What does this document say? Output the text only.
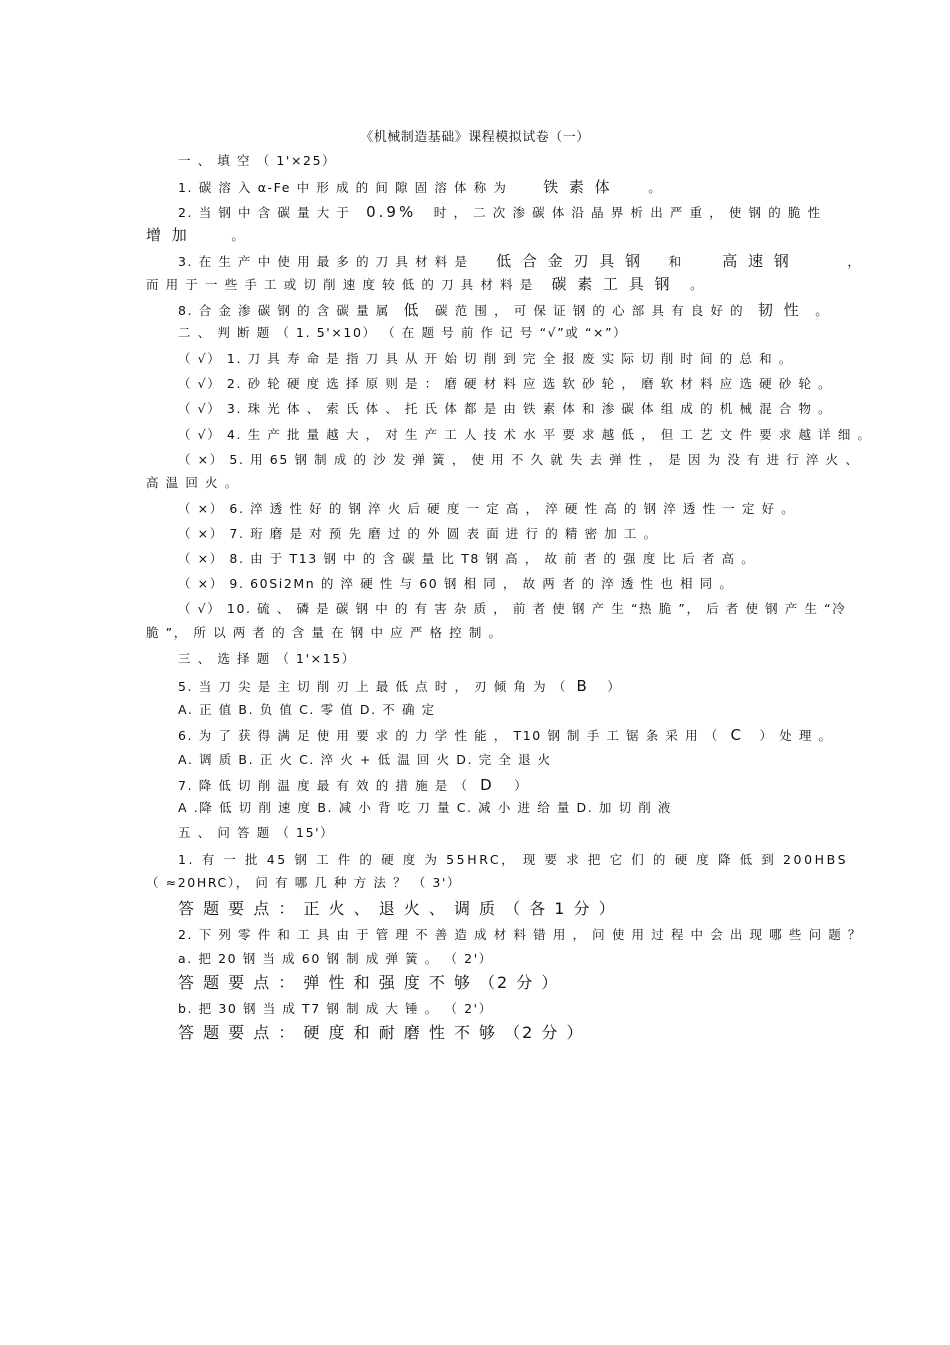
《机械制造基础》课程模拟试卷（一）
一 、 填 空 （ 1'×25）
1. 碳 溶 入 α-Fe 中 形 成 的 间 隙 固 溶 体 称 为 铁 素 体	。
2. 当 钢 中 含 碳 量 大 于 0.9% 时 ， 二 次 渗 碳 体 沿 晶 界 析 出 严 重 ， 使 钢 的 脆 性
增 加	。
3. 在 生 产 中 使 用 最 多 的 刀 具 材 料 是 低 合 金 刃 具 钢 和	高 速 钢	，
而 用 于 一 些 手 工 或 切 削 速 度 较 低 的 刀 具 材 料 是 碳 素 工 具 钢 。
8. 合 金 渗 碳 钢 的 含 碳 量 属 低 碳 范 围 ， 可 保 证 钢 的 心 部 具 有 良 好 的 韧 性 。
二 、 判 断 题 （ 1. 5'×10） （ 在 题 号 前 作 记 号 “√”或 “×”）
（ √） 1. 刀 具 寿 命 是 指 刀 具 从 开 始 切 削 到 完 全 报 废 实 际 切 削 时 间 的 总 和 。
（ √） 2. 砂 轮 硬 度 选 择 原 则 是 ： 磨 硬 材 料 应 选 软 砂 轮 ， 磨 软 材 料 应 选 硬 砂 轮 。
（ √） 3. 珠 光 体 、 索 氏 体 、 托 氏 体 都 是 由 铁 素 体 和 渗 碳 体 组 成 的 机 械 混 合 物 。
（ √） 4. 生 产 批 量 越 大 ， 对 生 产 工 人 技 术 水 平 要 求 越 低 ， 但 工 艺 文 件 要 求 越 详 细 。
（ ×） 5. 用 65 钢 制 成 的 沙 发 弹 簧 ， 使 用 不 久 就 失 去 弹 性 ， 是 因 为 没 有 进 行 淬 火 、
高 温 回 火 。
（ ×） 6. 淬 透 性 好 的 钢 淬 火 后 硬 度 一 定 高 ， 淬 硬 性 高 的 钢 淬 透 性 一 定 好 。
（ ×） 7. 珩 磨 是 对 预 先 磨 过 的 外 圆 表 面 进 行 的 精 密 加 工 。
（ ×） 8. 由 于 T13 钢 中 的 含 碳 量 比 T8 钢 高 ， 故 前 者 的 强 度 比 后 者 高 。
（ ×） 9. 60Si2Mn 的 淬 硬 性 与 60 钢 相 同 ， 故 两 者 的 淬 透 性 也 相 同 。
（ √） 10. 硫 、 磷 是 碳 钢 中 的 有 害 杂 质 ， 前 者 使 钢 产 生 “热 脆 ”， 后 者 使 钢 产 生 “冷
脆 ”， 所 以 两 者 的 含 量 在 钢 中 应 严 格 控 制 。
三 、 选 择 题 （ 1'×15）
5. 当 刀 尖 是 主 切 削 刃 上 最 低 点 时 ， 刃 倾 角 为 （ B ）
A. 正 值 B. 负 值 C. 零 值 D. 不 确 定
6. 为 了 获 得 满 足 使 用 要 求 的 力 学 性 能 ， T10 钢 制 手 工 锯 条 采 用 （ C ） 处 理 。
A. 调 质 B. 正 火 C. 淬 火 + 低 温 回 火 D. 完 全 退 火
7. 降 低 切 削 温 度 最 有 效 的 措 施 是 （ D ）
A .降 低 切 削 速 度 B. 减 小 背 吃 刀 量 C. 减 小 进 给 量 D. 加 切 削 液
五 、 问 答 题 （ 15'）
1. 有 一 批 45 钢 工 件 的 硬 度 为 55HRC， 现 要 求 把 它 们 的 硬 度 降 低 到 200HBS
（ ≈20HRC）， 问 有 哪 几 种 方 法 ？ （ 3'）
答 题 要 点 ： 正 火 、 退 火 、 调 质 （ 各 1 分 ）
2. 下 列 零 件 和 工 具 由 于 管 理 不 善 造 成 材 料 错 用 ， 问 使 用 过 程 中 会 出 现 哪 些 问 题 ？
a. 把 20 钢 当 成 60 钢 制 成 弹 簧 。 （ 2'）
答 题 要 点 ： 弹 性 和 强 度 不 够 （2 分 ）
b. 把 30 钢 当 成 T7 钢 制 成 大 锤 。 （ 2'）
答 题 要 点 ： 硬 度 和 耐 磨 性 不 够 （2 分 ）
